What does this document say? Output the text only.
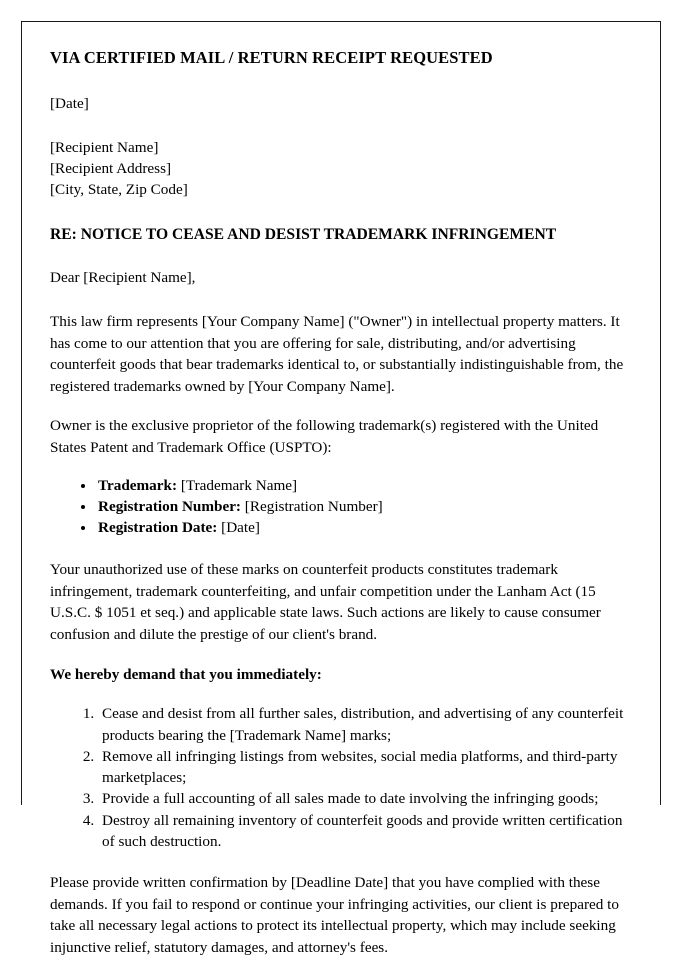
VIA CERTIFIED MAIL / RETURN RECEIPT REQUESTED
[Date]
[Recipient Name]
[Recipient Address]
[City, State, Zip Code]
RE: NOTICE TO CEASE AND DESIST TRADEMARK INFRINGEMENT
Dear [Recipient Name],

This law firm represents [Your Company Name] ("Owner") in intellectual property matters. It has come to our attention that you are offering for sale, distributing, and/or advertising counterfeit goods that bear trademarks identical to, or substantially indistinguishable from, the registered trademarks owned by [Your Company Name].

Owner is the exclusive proprietor of the following trademark(s) registered with the United States Patent and Trademark Office (USPTO):

• Trademark: [Trademark Name]
• Registration Number: [Registration Number]
• Registration Date: [Date]

Your unauthorized use of these marks on counterfeit products constitutes trademark infringement, trademark counterfeiting, and unfair competition under the Lanham Act (15 U.S.C. $ 1051 et seq.) and applicable state laws. Such actions are likely to cause consumer confusion and dilute the prestige of our client's brand.

We hereby demand that you immediately:
1. Cease and desist from all further sales, distribution, and advertising of any counterfeit products bearing the [Trademark Name] marks;
2. Remove all infringing listings from websites, social media platforms, and third-party marketplaces;
3. Provide a full accounting of all sales made to date involving the infringing goods;
4. Destroy all remaining inventory of counterfeit goods and provide written certification of such destruction.

Please provide written confirmation by [Deadline Date] that you have complied with these demands. If you fail to respond or continue your infringing activities, our client is prepared to take all necessary legal actions to protect its intellectual property, which may include seeking injunctive relief, statutory damages, and attorney's fees.
